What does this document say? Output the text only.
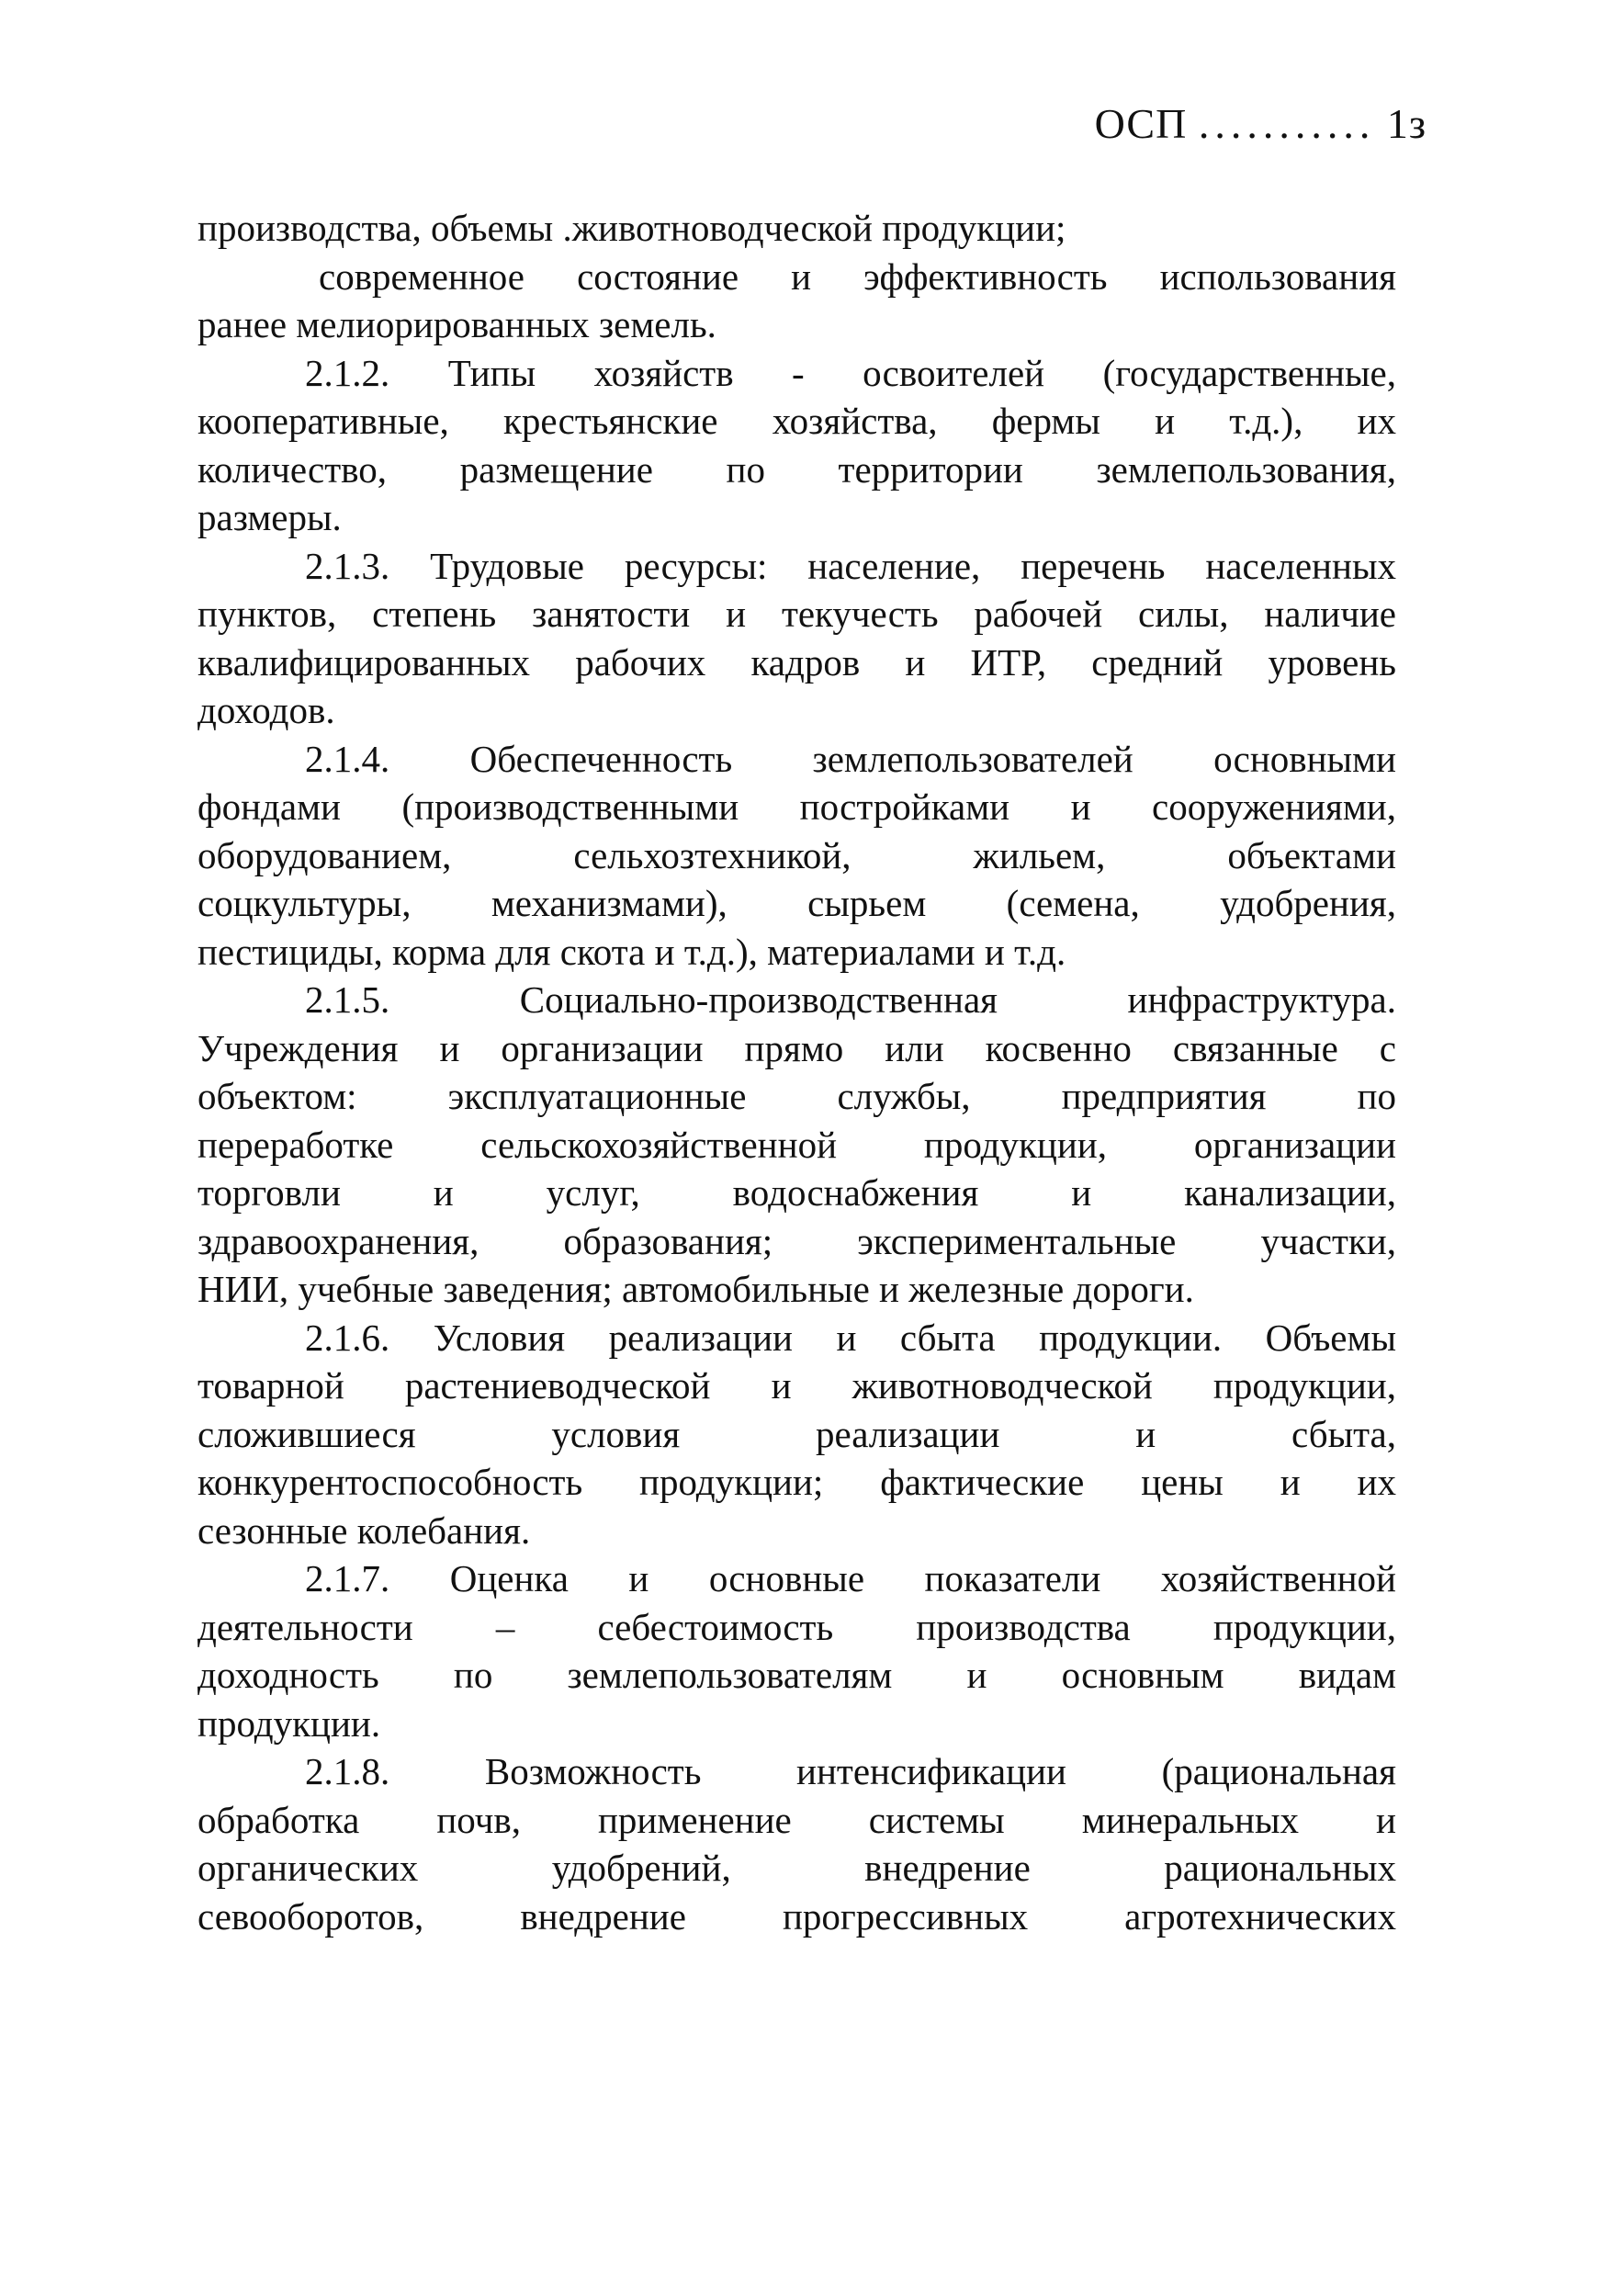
ОСП ........... 1з
производства, объемы .животноводческой продукции;
современное состояние и эффективность использования
ранее мелиорированных земель.
2.1.2. Типы хозяйств - освоителей (государственные,
кооперативные, крестьянские хозяйства, фермы и т.д.), их
количество, размещение по территории землепользования,
размеры.
2.1.3. Трудовые ресурсы: население, перечень населенных
пунктов, степень занятости и текучесть рабочей силы, наличие
квалифицированных рабочих кадров и ИТР, средний уровень
доходов.
2.1.4. Обеспеченность землепользователей основными
фондами (производственными постройками и сооружениями,
оборудованием, сельхозтехникой, жильем, объектами
соцкультуры, механизмами), сырьем (семена, удобрения,
пестициды, корма для скота и т.д.), материалами и т.д.
2.1.5. Социально-производственная инфраструктура.
Учреждения и организации прямо или косвенно связанные с
объектом: эксплуатационные службы, предприятия по
переработке сельскохозяйственной продукции, организации
торговли и услуг, водоснабжения и канализации,
здравоохранения, образования; экспериментальные участки,
НИИ, учебные заведения; автомобильные и железные дороги.
2.1.6. Условия реализации и сбыта продукции. Объемы
товарной растениеводческой и животноводческой продукции,
сложившиеся условия реализации и сбыта,
конкурентоспособность продукции; фактические цены и их
сезонные колебания.
2.1.7. Оценка и основные показатели хозяйственной
деятельности – себестоимость производства продукции,
доходность по землепользователям и основным видам
продукции.
2.1.8. Возможность интенсификации (рациональная
обработка почв, применение системы минеральных и
органических удобрений, внедрение рациональных
севооборотов, внедрение прогрессивных агротехнических
